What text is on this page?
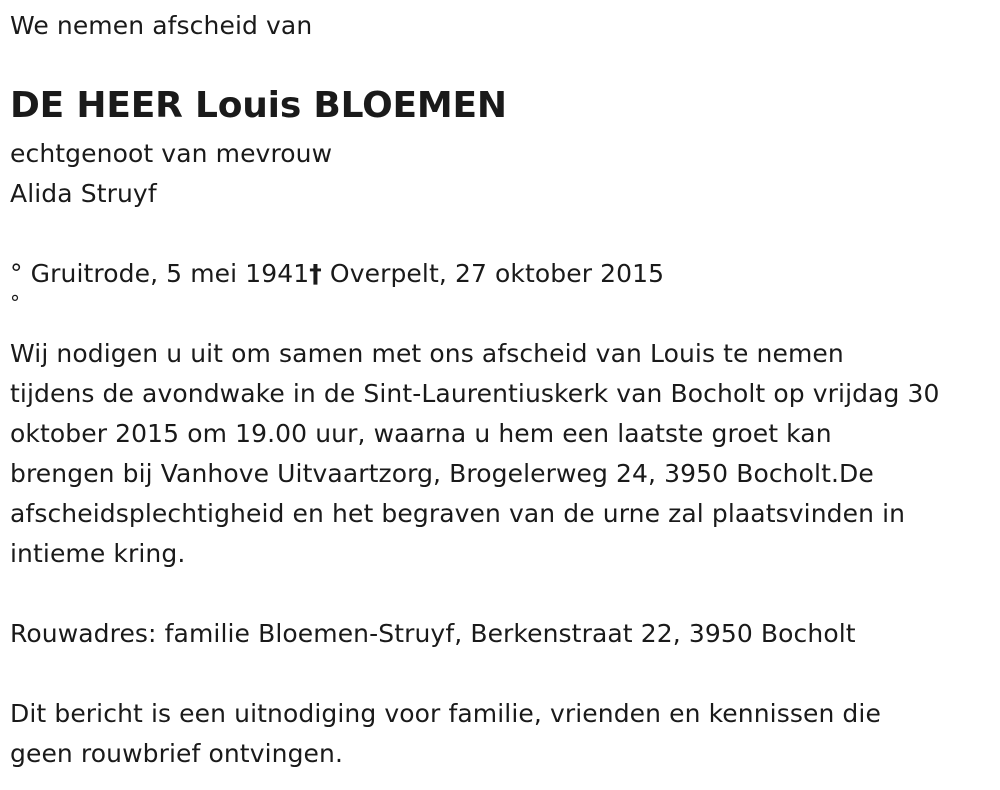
We nemen afscheid van
DE HEER Louis BLOEMEN
echtgenoot van mevrouw
Alida Struyf
° Gruitrode, 5 mei 1941† Overpelt, 27 oktober 2015
°
Wij nodigen u uit om samen met ons afscheid van Louis te nemen
tijdens de avondwake in de Sint-Laurentiuskerk van Bocholt op vrijdag 30
oktober 2015 om 19.00 uur, waarna u hem een laatste groet kan
brengen bij Vanhove Uitvaartzorg, Brogelerweg 24, 3950 Bocholt.De
afscheidsplechtigheid en het begraven van de urne zal plaatsvinden in
intieme kring.
Rouwadres: familie Bloemen-Struyf, Berkenstraat 22, 3950 Bocholt
Dit bericht is een uitnodiging voor familie, vrienden en kennissen die
geen rouwbrief ontvingen.
